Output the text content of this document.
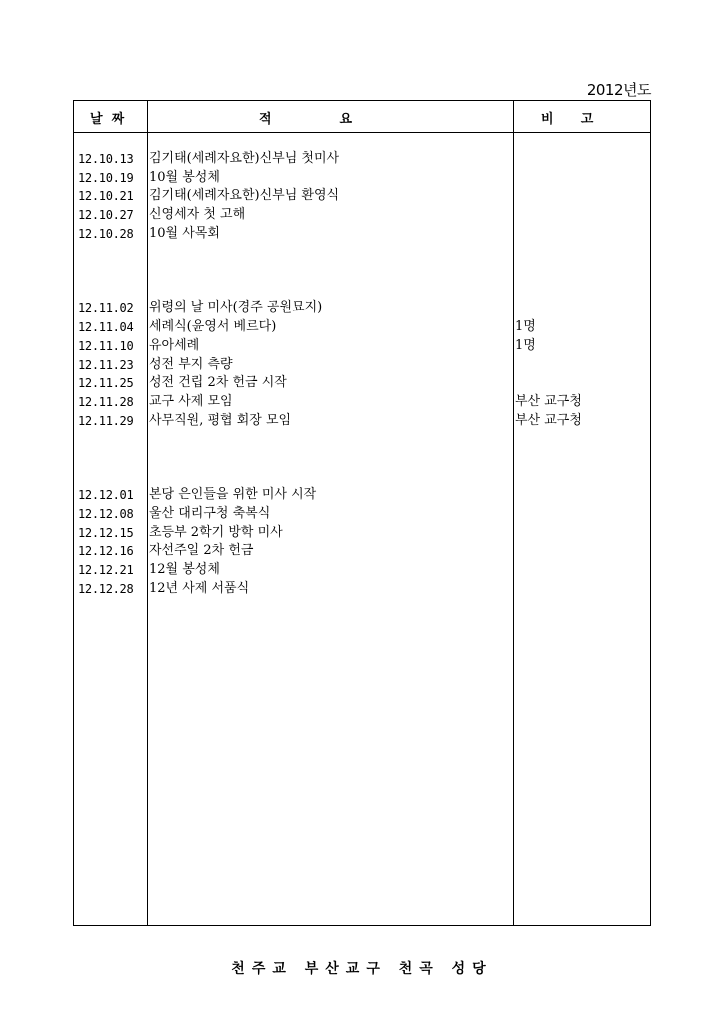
2012년도
날  짜	적               요	비      고
12.10.13	김기태(세례자요한)신부님 첫미사
12.10.19	10월 봉성체
12.10.21	김기태(세례자요한)신부님 환영식
12.10.27	신영세자 첫 고해
12.10.28	10월 사목회
12.11.02	위령의 날 미사(경주 공원묘지)
12.11.04	세례식(윤영서 베르다)	1명
12.11.10	유아세례	1명
12.11.23	성전 부지 측량
12.11.25	성전 건립 2차 헌금 시작
12.11.28	교구 사제 모임	부산 교구청
12.11.29	사무직원, 평협 회장 모임	부산 교구청
12.12.01	본당 은인들을 위한 미사 시작
12.12.08	울산 대리구청 축복식
12.12.15	초등부 2학기 방학 미사
12.12.16	자선주일 2차 헌금
12.12.21	12월 봉성체
12.12.28	12년 사제 서품식
천주교 부산교구 천곡 성당
